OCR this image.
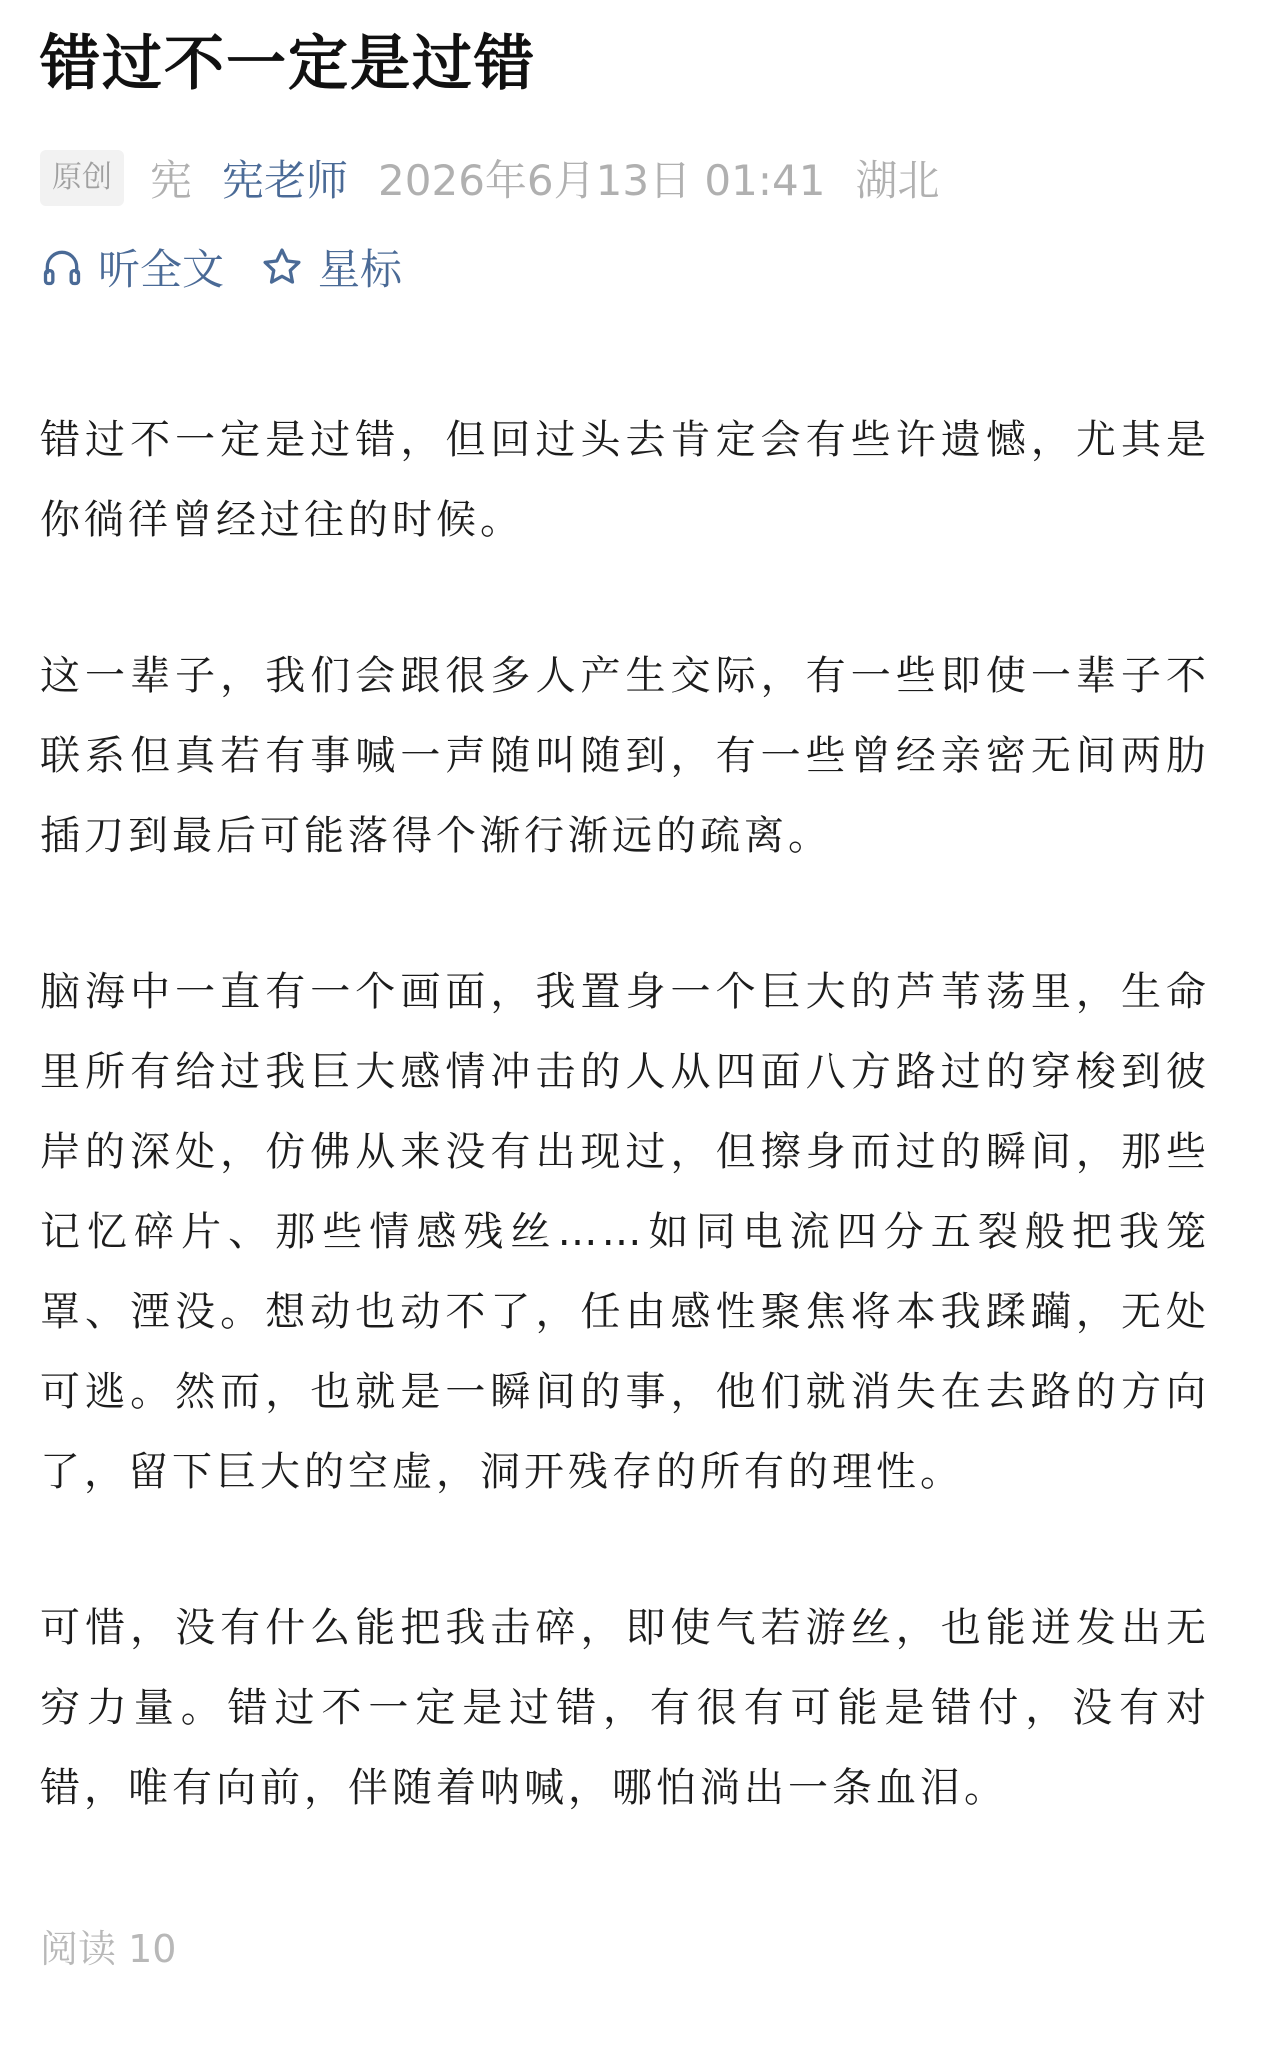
错过不一定是过错
原创 宪 宪老师 2026年6月13日 01:41 湖北
听全文 星标

错过不一定是过错，但回过头去肯定会有些许遗憾，尤其是你徜徉曾经过往的时候。

这一辈子，我们会跟很多人产生交际，有一些即使一辈子不联系但真若有事喊一声随叫随到，有一些曾经亲密无间两肋插刀到最后可能落得个渐行渐远的疏离。

脑海中一直有一个画面，我置身一个巨大的芦苇荡里，生命里所有给过我巨大感情冲击的人从四面八方路过的穿梭到彼岸的深处，仿佛从来没有出现过，但擦身而过的瞬间，那些记忆碎片、那些情感残丝……如同电流四分五裂般把我笼罩、湮没。想动也动不了，任由感性聚焦将本我蹂躏，无处可逃。然而，也就是一瞬间的事，他们就消失在去路的方向了，留下巨大的空虚，洞开残存的所有的理性。

可惜，没有什么能把我击碎，即使气若游丝，也能迸发出无穷力量。错过不一定是过错，有很有可能是错付，没有对错，唯有向前，伴随着呐喊，哪怕淌出一条血泪。

阅读 10
